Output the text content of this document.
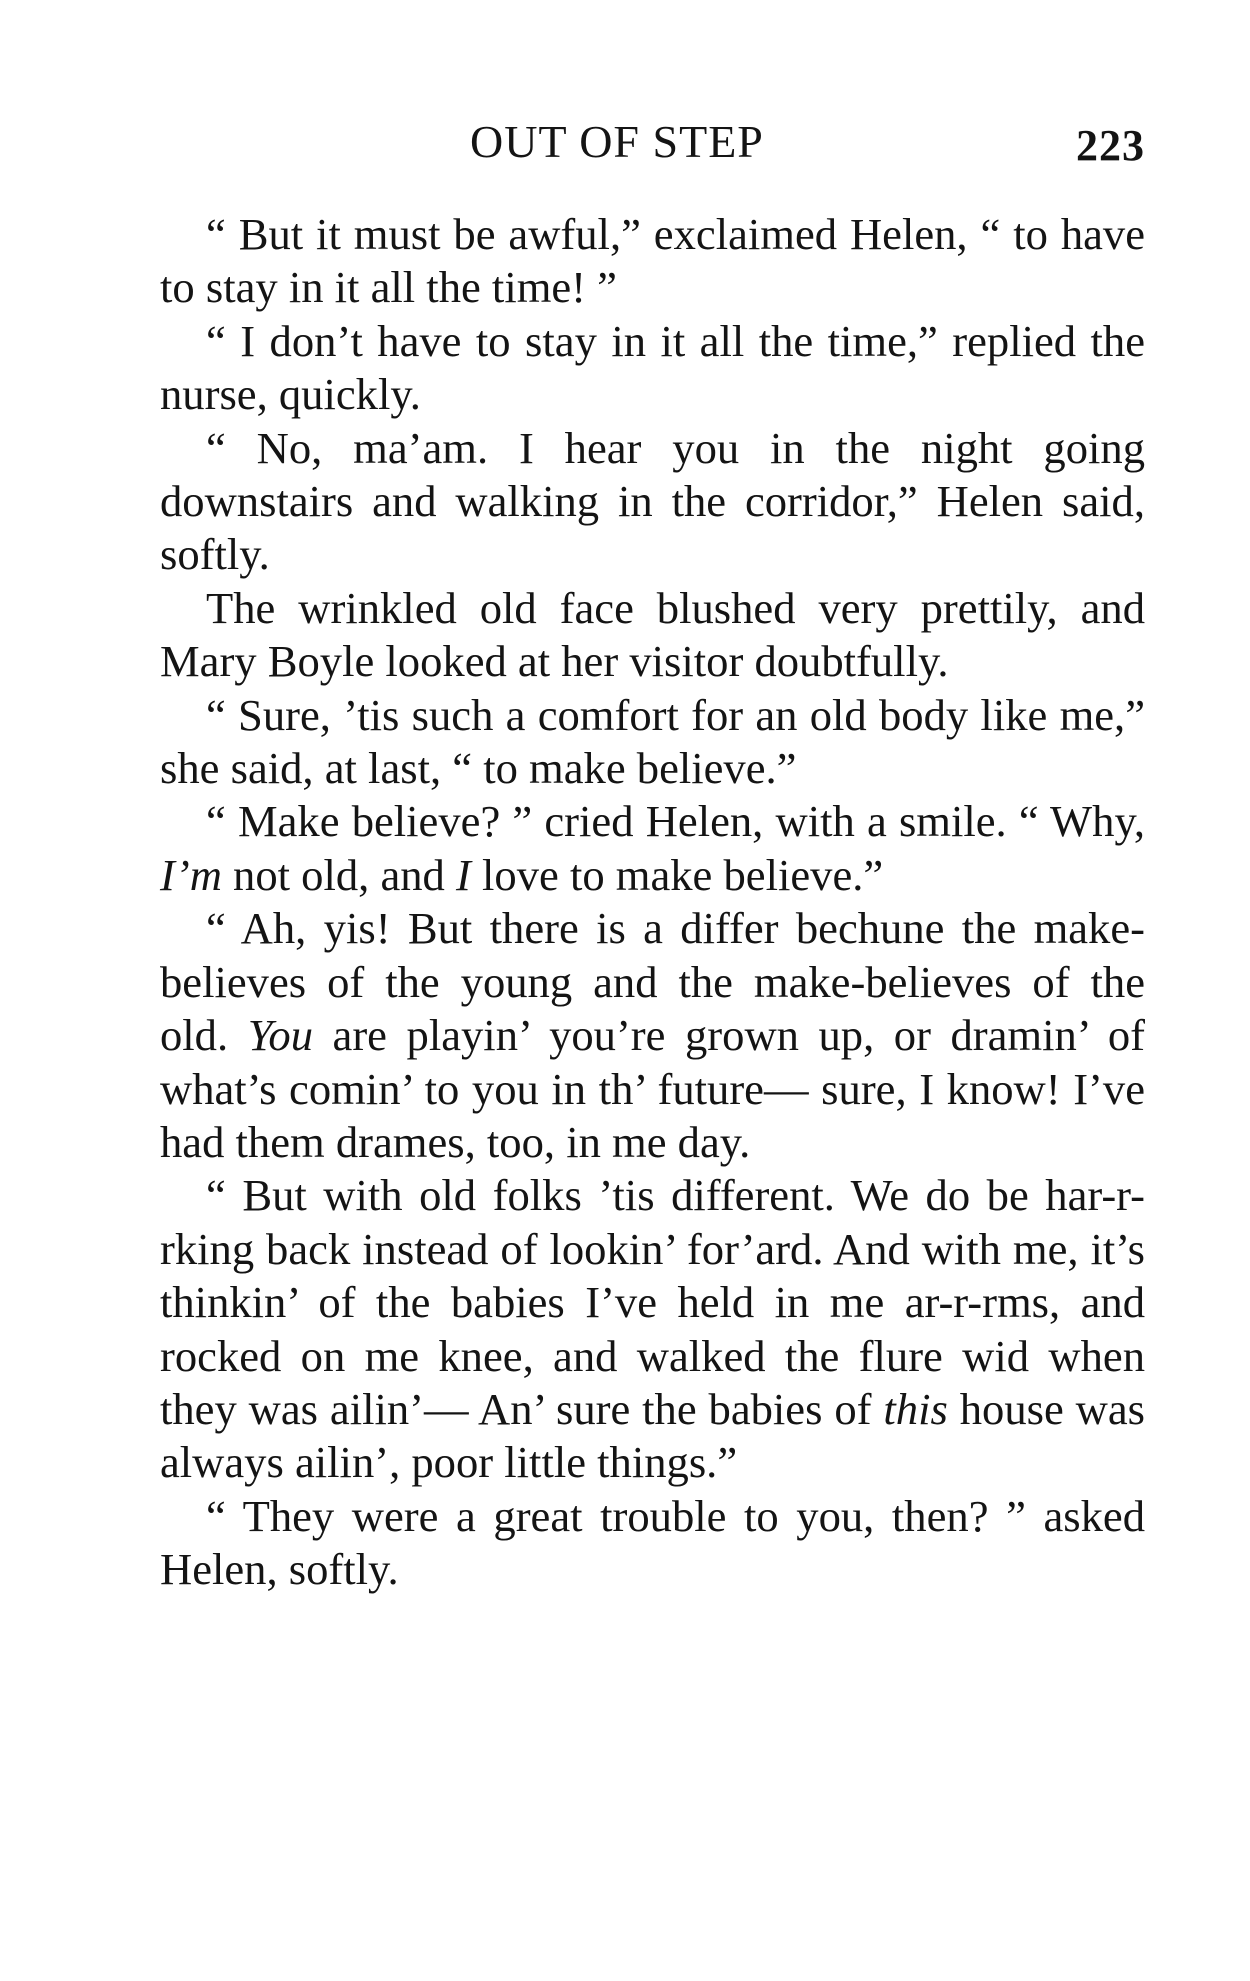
OUT OF STEP	223

“ But it must be awful,” exclaimed Helen, “ to have to stay in it all the time! ”

“ I don’t have to stay in it all the time,” replied the nurse, quickly.

“ No, ma’am. I hear you in the night going downstairs and walking in the corridor,” Helen said, softly.

The wrinkled old face blushed very prettily, and Mary Boyle looked at her visitor doubtfully.

“ Sure, ’tis such a comfort for an old body like me,” she said, at last, “ to make believe.”

“ Make believe? ” cried Helen, with a smile. “ Why, I’m not old, and I love to make believe.”

“ Ah, yis! But there is a differ bechune the make-believes of the young and the make-believes of the old. You are playin’ you’re grown up, or dramin’ of what’s comin’ to you in th’ future— sure, I know! I’ve had them drames, too, in me day.

“ But with old folks ’tis different. We do be har-r-rking back instead of lookin’ for’ard. And with me, it’s thinkin’ of the babies I’ve held in me ar-r-rms, and rocked on me knee, and walked the flure wid when they was ailin’— An’ sure the babies of this house was always ailin’, poor little things.”

“ They were a great trouble to you, then? ” asked Helen, softly.
